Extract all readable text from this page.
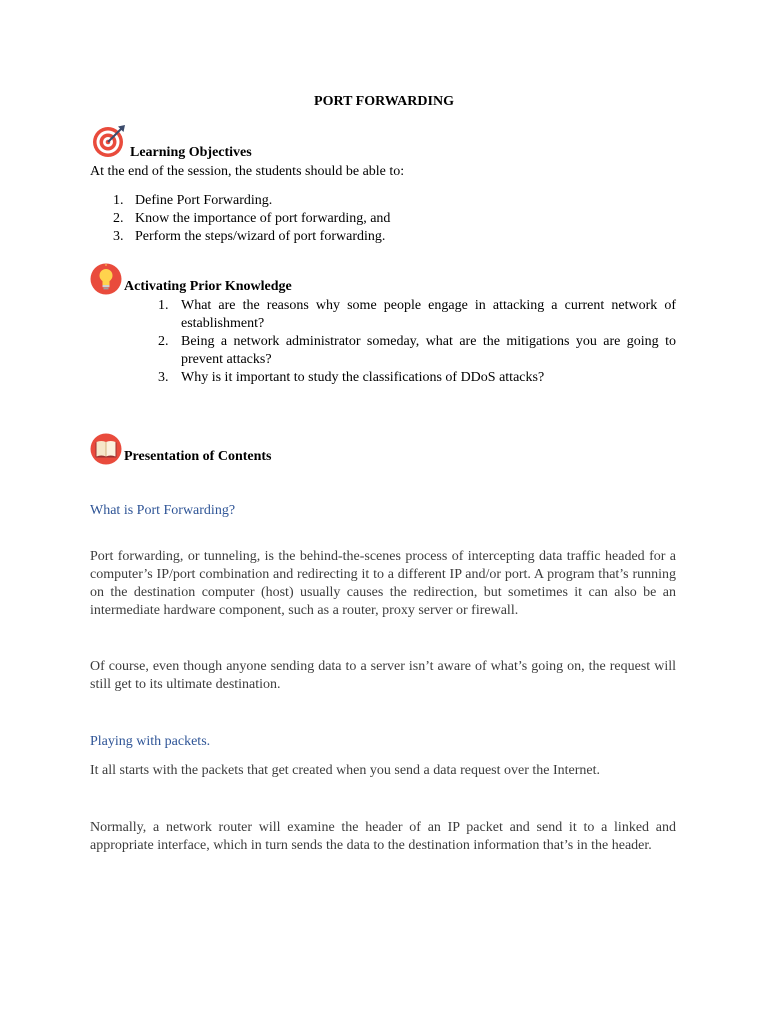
PORT FORWARDING
Learning Objectives
At the end of the session, the students should be able to:
1. Define Port Forwarding.
2. Know the importance of port forwarding, and
3. Perform the steps/wizard of port forwarding.
Activating Prior Knowledge
1. What are the reasons why some people engage in attacking a current network of establishment?
2. Being a network administrator someday, what are the mitigations you are going to prevent attacks?
3. Why is it important to study the classifications of DDoS attacks?
Presentation of Contents
What is Port Forwarding?
Port forwarding, or tunneling, is the behind-the-scenes process of intercepting data traffic headed for a computer’s IP/port combination and redirecting it to a different IP and/or port. A program that’s running on the destination computer (host) usually causes the redirection, but sometimes it can also be an intermediate hardware component, such as a router, proxy server or firewall.
Of course, even though anyone sending data to a server isn’t aware of what’s going on, the request will still get to its ultimate destination.
Playing with packets.
It all starts with the packets that get created when you send a data request over the Internet.
Normally, a network router will examine the header of an IP packet and send it to a linked and appropriate interface, which in turn sends the data to the destination information that’s in the header.
